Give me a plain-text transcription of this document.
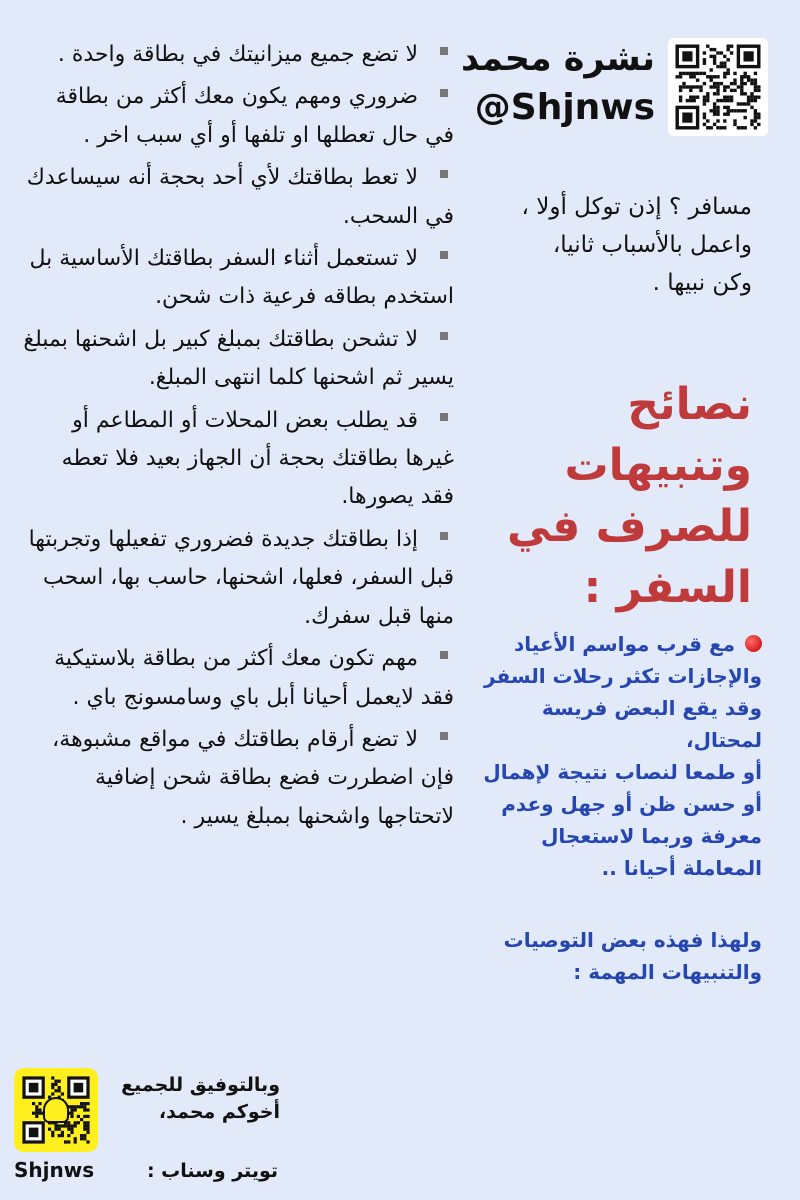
نشرة محمد
@Shjnws
مسافر ؟ إذن توكل أولا ،
واعمل بالأسباب ثانيا،
وكن نبيها .
نصائح
وتنبيهات
للصرف في
السفر :

مع قرب مواسم الأعياد والإجازات تكثر رحلات السفر وقد يقع البعض فريسة لمحتال،

أو طمعا لنصاب نتيجة لإهمال أو حسن ظن أو جهل وعدم معرفة وربما لاستعجال المعاملة أحيانا ..

ولهذا فهذه بعض التوصيات والتنبيهات المهمة :

لا تضع جميع ميزانيتك في بطاقة واحدة .
ضروري ومهم يكون معك أكثر من بطاقة في حال تعطلها او تلفها أو أي سبب اخر .
لا تعط بطاقتك لأي أحد بحجة أنه سيساعدك في السحب.
لا تستعمل أثناء السفر بطاقتك الأساسية بل استخدم بطاقه فرعية ذات شحن.
لا تشحن بطاقتك بمبلغ كبير بل اشحنها بمبلغ يسير ثم اشحنها كلما انتهى المبلغ.
قد يطلب بعض المحلات أو المطاعم أو غيرها بطاقتك بحجة أن الجهاز بعيد فلا تعطه فقد يصورها.
إذا بطاقتك جديدة فضروري تفعيلها وتجربتها قبل السفر، فعلها، اشحنها، حاسب بها، اسحب منها قبل سفرك.
مهم تكون معك أكثر من بطاقة بلاستيكية فقد لايعمل أحيانا أبل باي وسامسونج باي .
لا تضع أرقام بطاقتك في مواقع مشبوهة، فإن اضطررت فضع بطاقة شحن إضافية لاتحتاجها واشحنها بمبلغ يسير .

وبالتوفيق للجميع

أخوكم محمد،

تويتر وسناب :
Shjnws
